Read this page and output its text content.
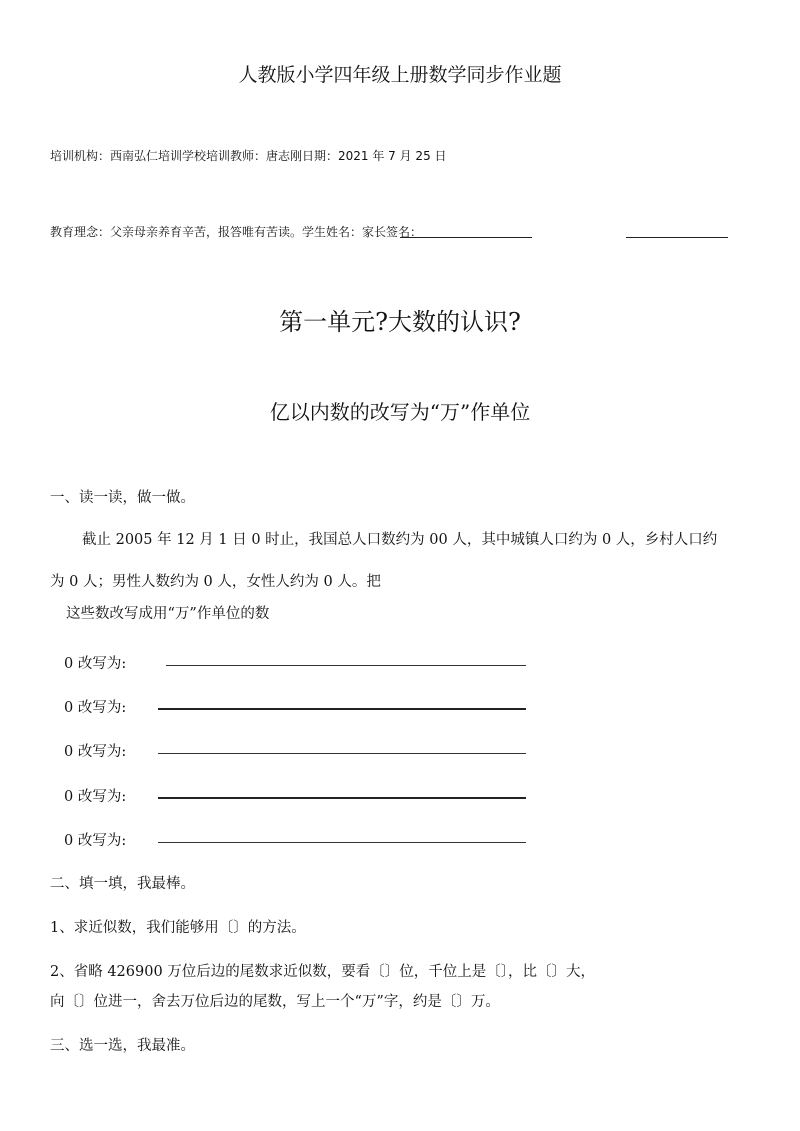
人教版小学四年级上册数学同步作业题
培训机构：西南弘仁培训学校培训教师：唐志刚日期：2021 年 7 月 25 日
教育理念：父亲母亲养育辛苦，报答唯有苦读。学生姓名：家长签名：
第一单元?大数的认识?
亿以内数的改写为“万”作单位
一、读一读，做一做。
截止 2005 年 12 月 1 日 0 时止，我国总人口数约为 00 人，其中城镇人口约为 0 人，乡村人口约
为 0 人；男性人数约为 0 人，女性人约为 0 人。把
这些数改写成用“万”作单位的数
0 改写为:
0 改写为:
0 改写为:
0 改写为:
0 改写为:
二、填一填，我最棒。
1、求近似数，我们能够用〔〕的方法。
2、省略 426900 万位后边的尾数求近似数，要看〔〕位，千位上是〔〕，比〔〕大，
向〔〕位进一，舍去万位后边的尾数，写上一个“万”字，约是〔〕万。
三、选一选，我最准。
